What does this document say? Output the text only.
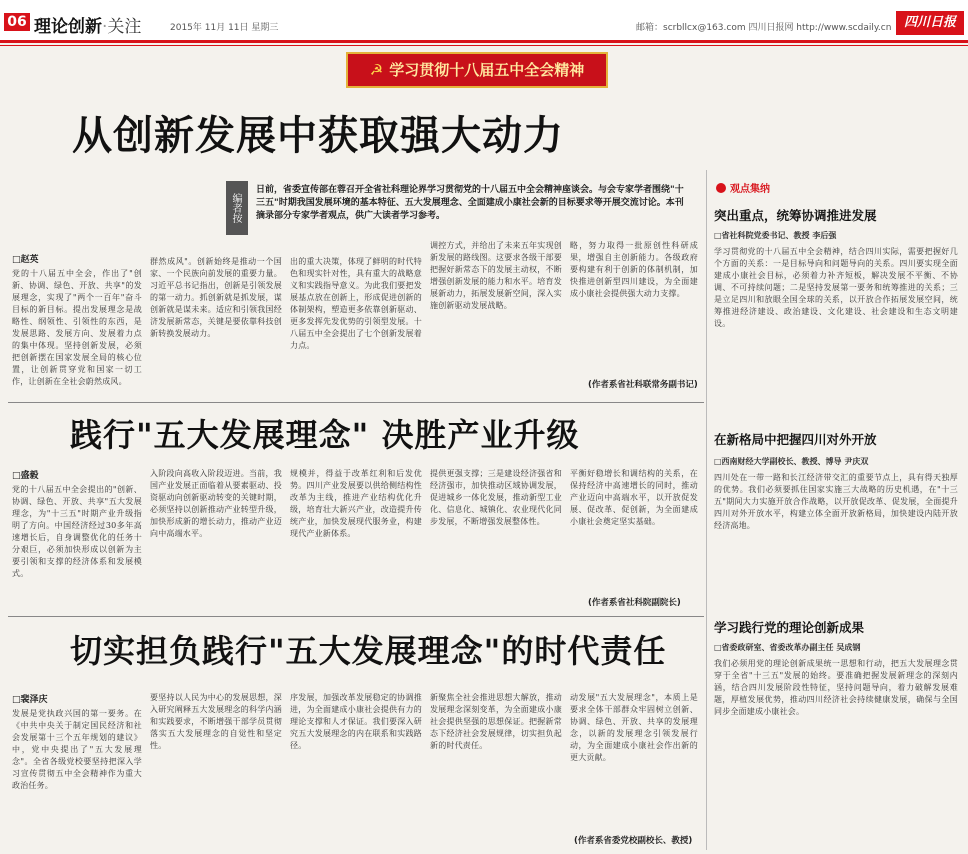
06 理论创新·关注	2015年 11月 11日 星期三	邮箱：scrbllcx@163.com 四川日报网 http://www.scdaily.cn 四川日报
☭ 学习贯彻十八届五中全会精神
从创新发展中获取强大动力
编者按
日前，省委宣传部在蓉召开全省社科理论界学习贯彻党的十八届五中全会精神座谈会。与会专家学者围绕"十三五"时期我国发展环境的基本特征、五大发展理念、全面建成小康社会新的目标要求等开展交流讨论。本刊摘录部分专家学者观点，供广大读者学习参考。
□赵英
党的十八届五中全会，作出了"创新、协调、绿色、开放、共享"的发展理念，实现了"两个一百年"奋斗目标的新目标。提出发展理念是战略性、纲领性、引领性的东西，是发展思路、发展方向、发展着力点的集中体现。坚持创新发展，必须把创新摆在国家发展全局的核心位置，让创新贯穿党和国家一切工作，让创新在全社会蔚然成风。
群然成风"。创新始终是推动一个国家、一个民族向前发展的重要力量。习近平总书记指出，创新是引领发展的第一动力。抓创新就是抓发展，谋创新就是谋未来。适应和引领我国经济发展新常态，关键是要依靠科技创新转换发展动力。
出的重大决策，体现了鲜明的时代特色和现实针对性，具有重大的战略意义和实践指导意义。为此我们要把发展基点放在创新上，形成促进创新的体制架构，塑造更多依靠创新驱动、更多发挥先发优势的引领型发展。十八届五中全会提出了七个创新发展着力点。
调控方式，并给出了未来五年实现创新发展的路线图。这要求各级干部要把握好新常态下的发展主动权，不断增强创新发展的能力和水平。培育发展新动力，拓展发展新空间，深入实施创新驱动发展战略。
略，努力取得一批原创性科研成果，增强自主创新能力。各级政府要构建有利于创新的体制机制，加快推进创新型四川建设，为全面建成小康社会提供强大动力支撑。
(作者系省社科联常务副书记)
践行"五大发展理念" 决胜产业升级
□盛毅
党的十八届五中全会提出的"创新、协调、绿色、开放、共享"五大发展理念，为"十三五"时期产业升级指明了方向。中国经济经过30多年高速增长后，自身调整优化的任务十分艰巨，必须加快形成以创新为主要引领和支撑的经济体系和发展模式。
入阶段向高收入阶段迈进。当前，我国产业发展正面临着从要素驱动、投资驱动向创新驱动转变的关键时期，必须坚持以创新推动产业转型升级，加快形成新的增长动力，推动产业迈向中高端水平。
规模并，得益于改革红利和后发优势。四川产业发展要以供给侧结构性改革为主线，推进产业结构优化升级，培育壮大新兴产业，改造提升传统产业，加快发展现代服务业，构建现代产业新体系。
提供更强支撑；三是建设经济强省和经济强市，加快推动区域协调发展，促进城乡一体化发展，推动新型工业化、信息化、城镇化、农业现代化同步发展，不断增强发展整体性。
平衡好稳增长和调结构的关系，在保持经济中高速增长的同时，推动产业迈向中高端水平，以开放促发展、促改革、促创新，为全面建成小康社会奠定坚实基础。
(作者系省社科院副院长)
切实担负践行"五大发展理念"的时代责任
□裴泽庆
发展是党执政兴国的第一要务。在《中共中央关于制定国民经济和社会发展第十三个五年规划的建议》中，党中央提出了"五大发展理念"。全省各级党校要坚持把深入学习宣传贯彻五中全会精神作为重大政治任务。
要坚持以人民为中心的发展思想，深入研究阐释五大发展理念的科学内涵和实践要求，不断增强干部学员贯彻落实五大发展理念的自觉性和坚定性。
序发展，加强改革发展稳定的协调推进，为全面建成小康社会提供有力的理论支撑和人才保证。我们要深入研究五大发展理念的内在联系和实践路径。
新聚焦全社会推进思想大解放，推动发展理念深刻变革，为全面建成小康社会提供坚强的思想保证。把握新常态下经济社会发展规律，切实担负起新的时代责任。
动发展"五大发展理念"，本质上是要求全体干部群众牢固树立创新、协调、绿色、开放、共享的发展理念，以新的发展理念引领发展行动，为全面建成小康社会作出新的更大贡献。
(作者系省委党校副校长、教授)
观点集纳
突出重点，统筹协调推进发展
□省社科院党委书记、教授 李后强
学习贯彻党的十八届五中全会精神，结合四川实际，需要把握好几个方面的关系：一是目标导向和问题导向的关系。四川要实现全面建成小康社会目标，必须着力补齐短板，解决发展不平衡、不协调、不可持续问题；二是坚持发展第一要务和统筹推进的关系；三是立足四川和放眼全国全球的关系，以开放合作拓展发展空间，统筹推进经济建设、政治建设、文化建设、社会建设和生态文明建设。
在新格局中把握四川对外开放
□西南财经大学副校长、教授、博导 尹庆双
四川处在一带一路和长江经济带交汇的重要节点上，具有得天独厚的优势。我们必须要抓住国家实施三大战略的历史机遇，在"十三五"期间大力实施开放合作战略，以开放促改革、促发展，全面提升四川对外开放水平，构建立体全面开放新格局，加快建设内陆开放经济高地。
学习践行党的理论创新成果
□省委政研室、省委改革办副主任 吴成钢
我们必须用党的理论创新成果统一思想和行动，把五大发展理念贯穿于全省"十三五"发展的始终。要准确把握发展新理念的深刻内涵，结合四川发展阶段性特征，坚持问题导向，着力破解发展难题，厚植发展优势，推动四川经济社会持续健康发展，确保与全国同步全面建成小康社会。
